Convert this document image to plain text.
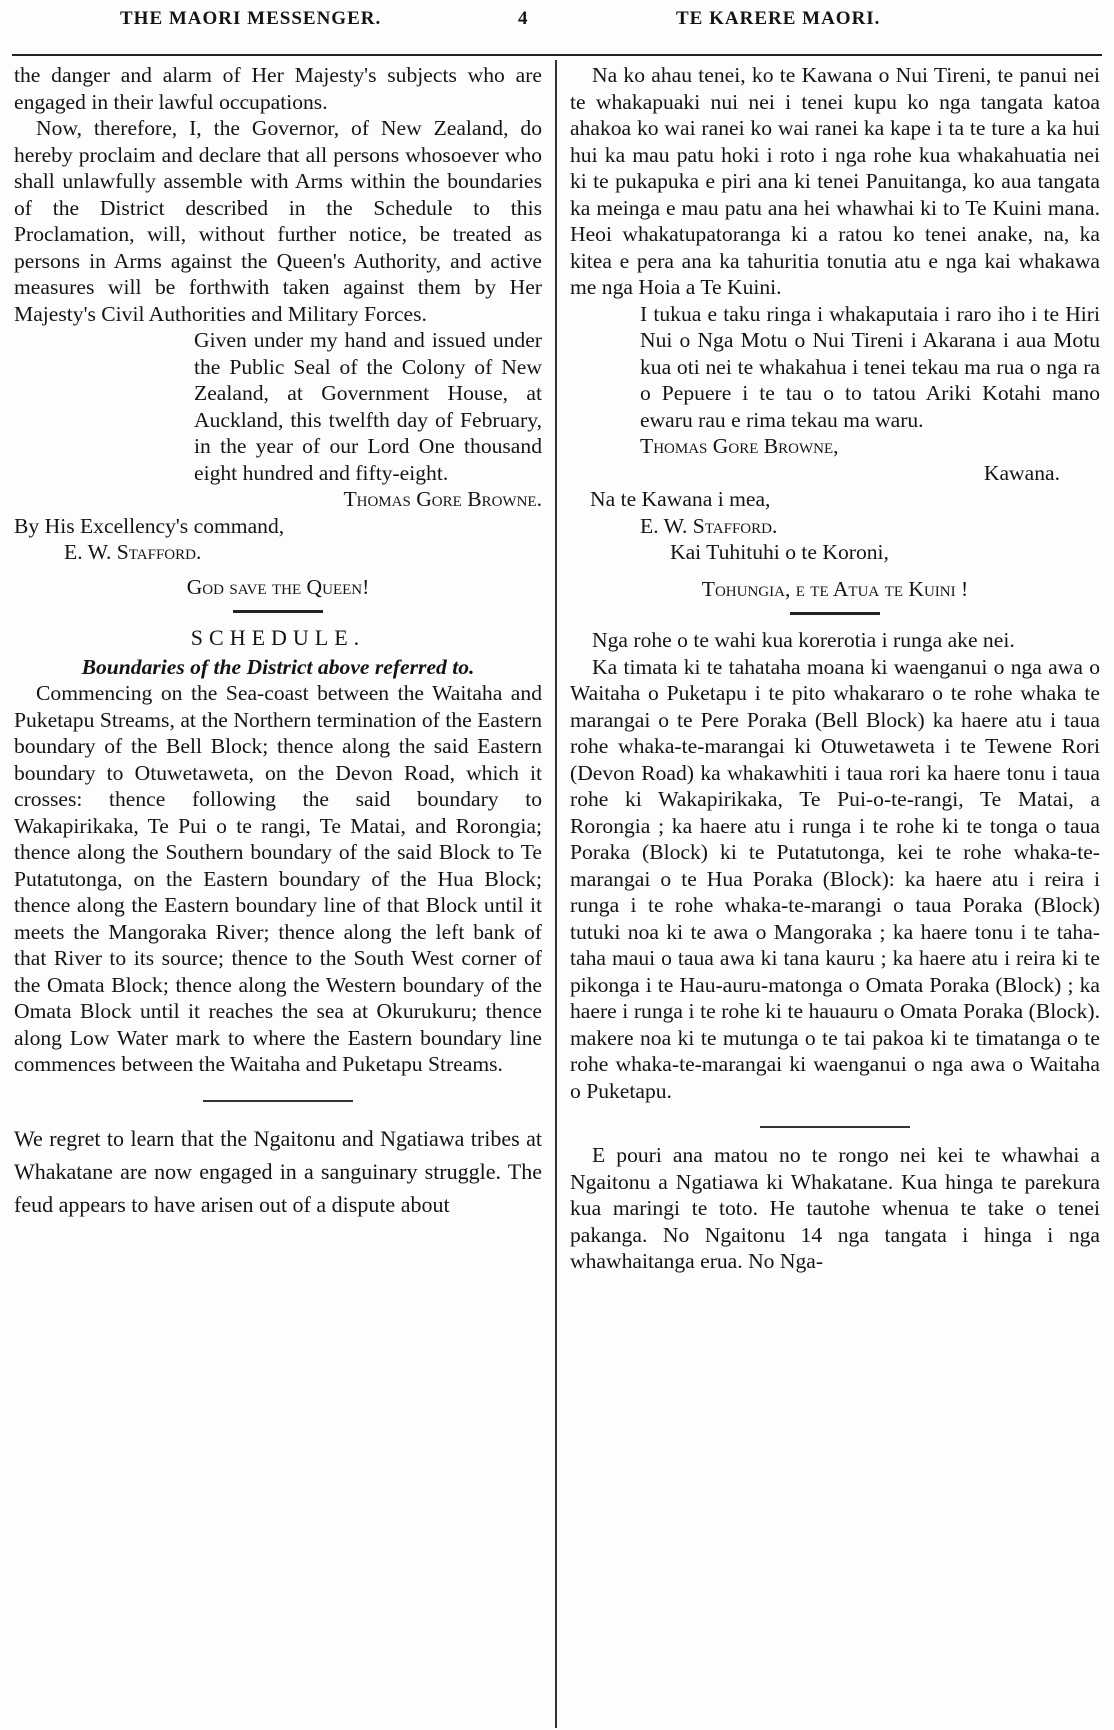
THE MAORI MESSENGER.	4	TE KARERE MAORI.

the danger and alarm of Her Majesty's subjects who are engaged in their lawful occupations.

Now, therefore, I, the Governor, of New Zealand, do hereby proclaim and declare that all persons whosoever who shall unlawfully assemble with Arms within the boundaries of the District described in the Schedule to this Proclamation, will, without further notice, be treated as persons in Arms against the Queen's Authority, and active measures will be forthwith taken against them by Her Majesty's Civil Authorities and Military Forces.

Given under my hand and issued under the Public Seal of the Colony of New Zealand, at Government House, at Auckland, this twelfth day of February, in the year of our Lord One thousand eight hundred and fifty-eight.

Thomas Gore Browne.

By His Excellency's command,

E. W. Stafford.

God save the Queen!

SCHEDULE.

Boundaries of the District above referred to.

Commencing on the Sea-coast between the Waitaha and Puketapu Streams, at the Northern termination of the Eastern boundary of the Bell Block; thence along the said Eastern boundary to Otuwetaweta, on the Devon Road, which it crosses: thence following the said boundary to Wakapirikaka, Te Pui o te rangi, Te Matai, and Rorongia; thence along the Southern boundary of the said Block to Te Putatutonga, on the Eastern boundary of the Hua Block; thence along the Eastern boundary line of that Block until it meets the Mangoraka River; thence along the left bank of that River to its source; thence to the South West corner of the Omata Block; thence along the Western boundary of the Omata Block until it reaches the sea at Okurukuru; thence along Low Water mark to where the Eastern boundary line commences between the Waitaha and Puketapu Streams.

We regret to learn that the Ngaitonu and Ngatiawa tribes at Whakatane are now engaged in a sanguinary struggle. The feud appears to have arisen out of a dispute about

Na ko ahau tenei, ko te Kawana o Nui Tireni, te panui nei te whakapuaki nui nei i tenei kupu ko nga tangata katoa ahakoa ko wai ranei ko wai ranei ka kape i ta te ture a ka hui hui ka mau patu hoki i roto i nga rohe kua whakahuatia nei ki te pukapuka e piri ana ki tenei Panuitanga, ko aua tangata ka meinga e mau patu ana hei whawhai ki to Te Kuini mana. Heoi whakatupatoranga ki a ratou ko tenei anake, na, ka kitea e pera ana ka tahuritia tonutia atu e nga kai whakawa me nga Hoia a Te Kuini.

I tukua e taku ringa i whakaputaia i raro iho i te Hiri Nui o Nga Motu o Nui Tireni i Akarana i aua Motu kua oti nei te whakahua i tenei tekau ma rua o nga ra o Pepuere i te tau o to tatou Ariki Kotahi mano ewaru rau e rima tekau ma waru.

Thomas Gore Browne,

Kawana.

Na te Kawana i mea,

E. W. Stafford.

Kai Tuhituhi o te Koroni,

Tohungia, e te Atua te Kuini !

Nga rohe o te wahi kua korerotia i runga ake nei.

Ka timata ki te tahataha moana ki waenganui o nga awa o Waitaha o Puketapu i te pito whakararo o te rohe whaka te marangai o te Pere Poraka (Bell Block) ka haere atu i taua rohe whaka-te-marangai ki Otuwetaweta i te Tewene Rori (Devon Road) ka whakawhiti i taua rori ka haere tonu i taua rohe ki Wakapirikaka, Te Pui-o-te-rangi, Te Matai, a Rorongia ; ka haere atu i runga i te rohe ki te tonga o taua Poraka (Block) ki te Putatutonga, kei te rohe whaka-te-marangai o te Hua Poraka (Block): ka haere atu i reira i runga i te rohe whaka-te-marangi o taua Poraka (Block) tutuki noa ki te awa o Mangoraka ; ka haere tonu i te taha-taha maui o taua awa ki tana kauru ; ka haere atu i reira ki te pikonga i te Hau-auru-matonga o Omata Poraka (Block) ; ka haere i runga i te rohe ki te hauauru o Omata Poraka (Block). makere noa ki te mutunga o te tai pakoa ki te timatanga o te rohe whaka-te-marangai ki waenganui o nga awa o Waitaha o Puketapu.

E pouri ana matou no te rongo nei kei te whawhai a Ngaitonu a Ngatiawa ki Whakatane. Kua hinga te parekura kua maringi te toto. He tautohe whenua te take o tenei pakanga. No Ngaitonu 14 nga tangata i hinga i nga whawhaitanga erua. No Nga-
